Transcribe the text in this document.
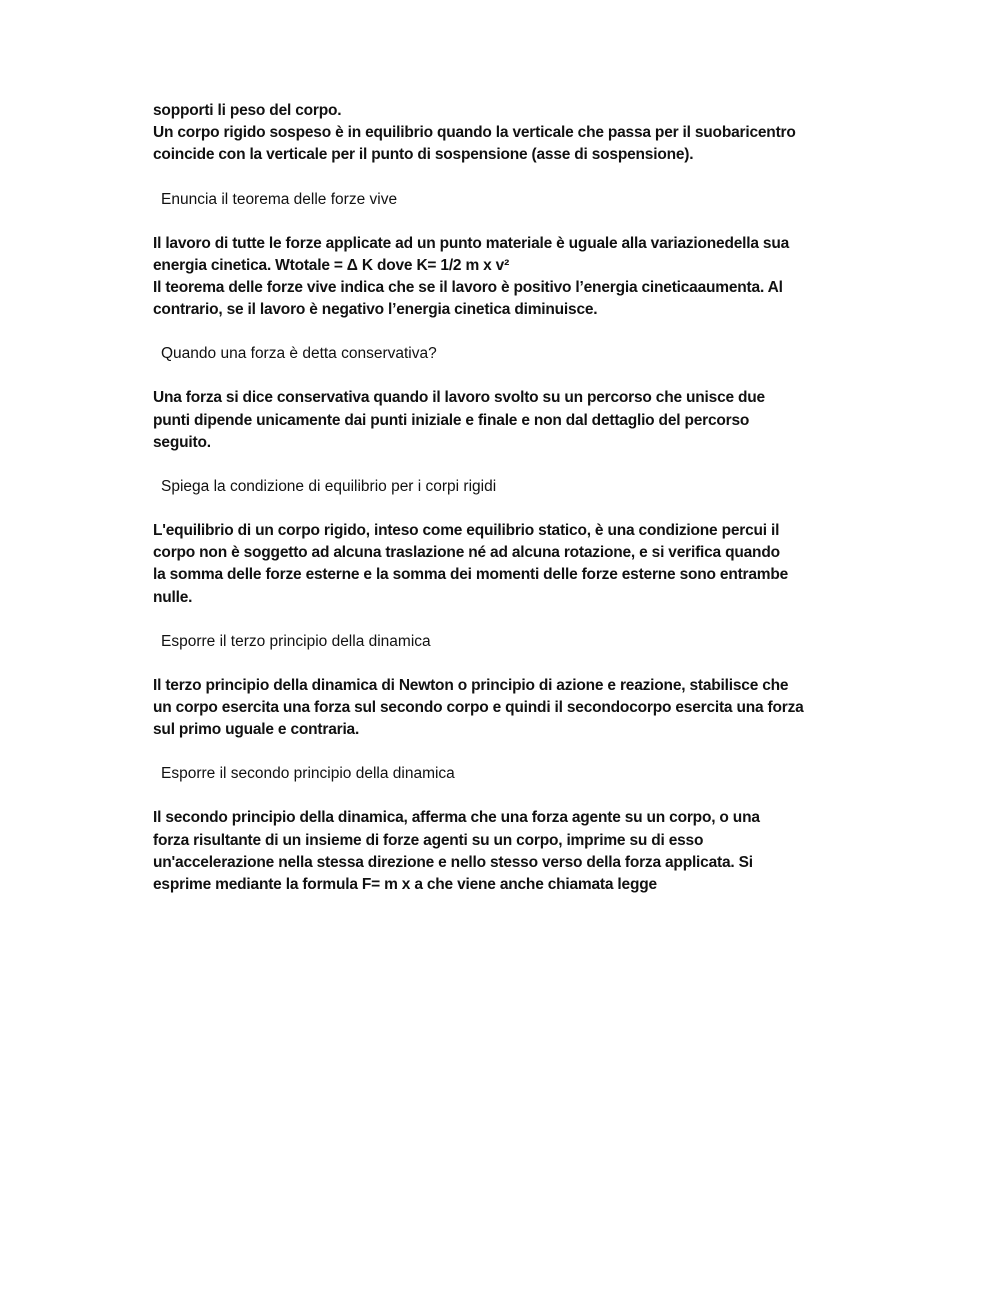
sopporti li peso del corpo.
Un corpo rigido sospeso è in equilibrio quando la verticale che passa per il suobaricentro
coincide con la verticale per il punto di sospensione (asse di sospensione).
Enuncia il teorema delle forze vive
Il lavoro di tutte le forze applicate ad un punto materiale è uguale alla variazionedella sua
energia cinetica. Wtotale = Δ K dove K= 1/2 m x v²
Il teorema delle forze vive indica che se il lavoro è positivo l’energia cineticaaumenta. Al
contrario, se il lavoro è negativo l’energia cinetica diminuisce.
Quando una forza è detta conservativa?
Una forza si dice conservativa quando il lavoro svolto su un percorso che unisce due
punti dipende unicamente dai punti iniziale e finale e non dal dettaglio del percorso
seguito.
Spiega la condizione di equilibrio per i corpi rigidi
L'equilibrio di un corpo rigido, inteso come equilibrio statico, è una condizione percui il
corpo non è soggetto ad alcuna traslazione né ad alcuna rotazione, e si verifica quando
la somma delle forze esterne e la somma dei momenti delle forze esterne sono entrambe
nulle.
Esporre il terzo principio della dinamica
Il terzo principio della dinamica di Newton o principio di azione e reazione, stabilisce che
un corpo esercita una forza sul secondo corpo e quindi il secondocorpo esercita una forza
sul primo uguale e contraria.
Esporre il secondo principio della dinamica
Il secondo principio della dinamica, afferma che una forza agente su un corpo, o una
forza risultante di un insieme di forze agenti su un corpo, imprime su di esso
un'accelerazione nella stessa direzione e nello stesso verso della forza applicata. Si
esprime mediante la formula F= m x a che viene anche chiamata legge
